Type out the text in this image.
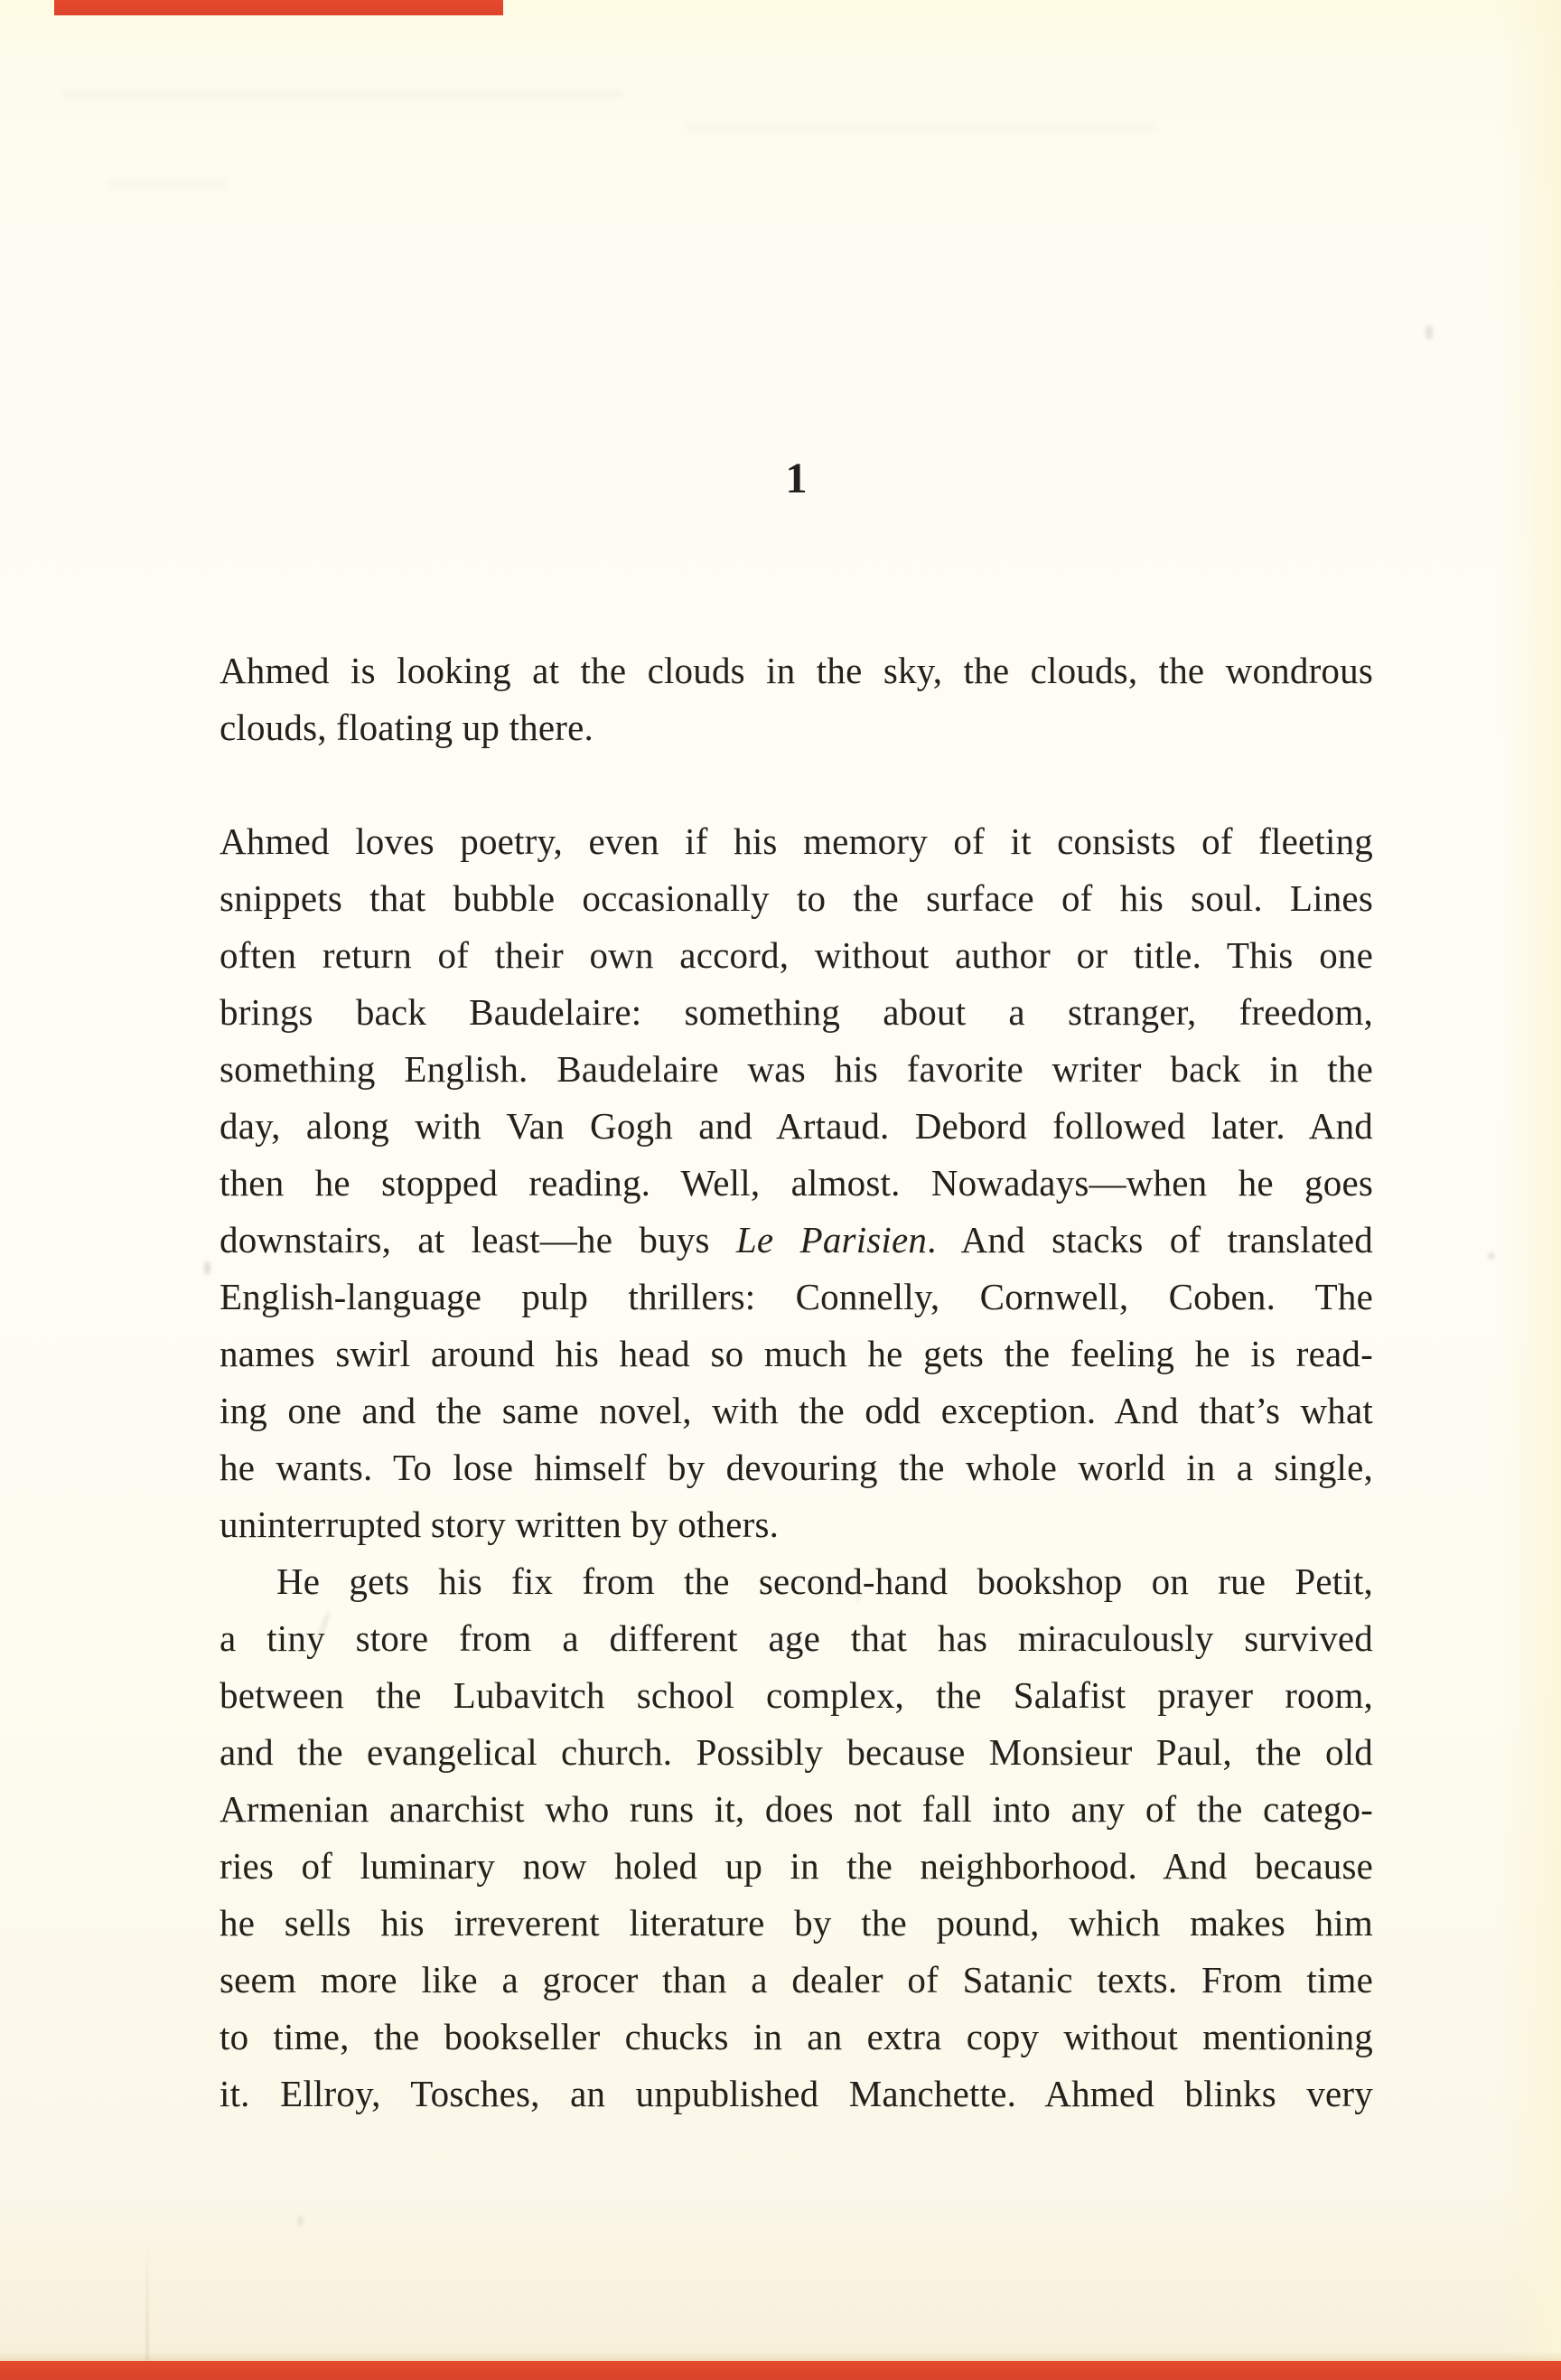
1
Ahmed is looking at the clouds in the sky, the clouds, the wondrous
clouds, floating up there.
Ahmed loves poetry, even if his memory of it consists of fleeting
snippets that bubble occasionally to the surface of his soul. Lines
often return of their own accord, without author or title. This one
brings back Baudelaire: something about a stranger, freedom,
something English. Baudelaire was his favorite writer back in the
day, along with Van Gogh and Artaud. Debord followed later. And
then he stopped reading. Well, almost. Nowadays—when he goes
downstairs, at least—he buys Le Parisien. And stacks of translated
English-language pulp thrillers: Connelly, Cornwell, Coben. The
names swirl around his head so much he gets the feeling he is read-
ing one and the same novel, with the odd exception. And that’s what
he wants. To lose himself by devouring the whole world in a single,
uninterrupted story written by others.
He gets his fix from the second-hand bookshop on rue Petit,
a tiny store from a different age that has miraculously survived
between the Lubavitch school complex, the Salafist prayer room,
and the evangelical church. Possibly because Monsieur Paul, the old
Armenian anarchist who runs it, does not fall into any of the catego-
ries of luminary now holed up in the neighborhood. And because
he sells his irreverent literature by the pound, which makes him
seem more like a grocer than a dealer of Satanic texts. From time
to time, the bookseller chucks in an extra copy without mentioning
it. Ellroy, Tosches, an unpublished Manchette. Ahmed blinks very
